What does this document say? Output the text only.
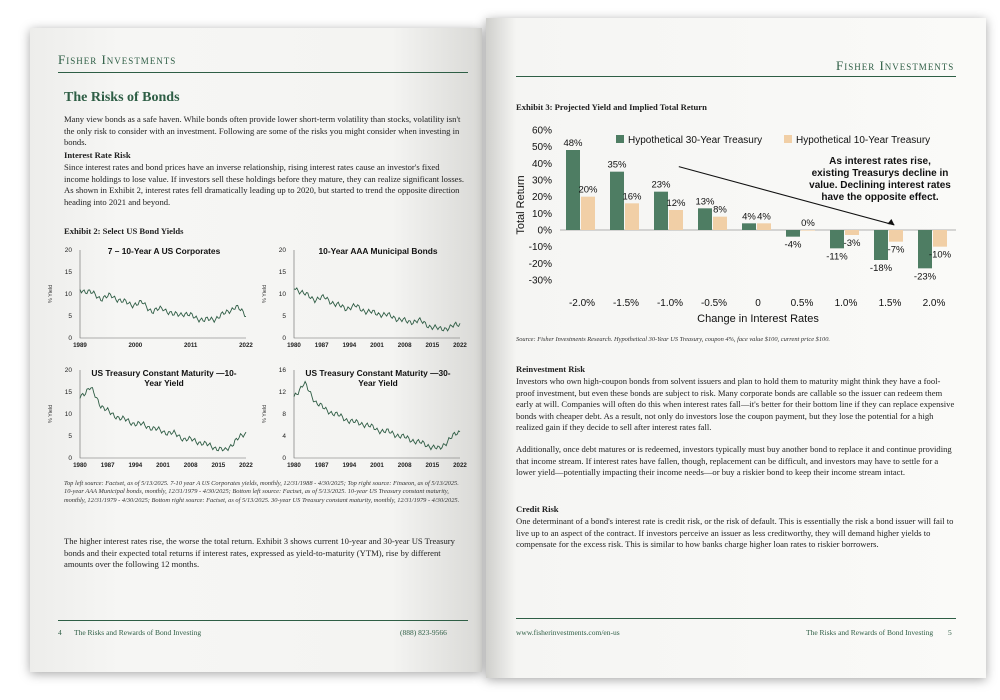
Fisher Investments
The Risks of Bonds
Many view bonds as a safe haven. While bonds often provide lower short-term volatility than stocks, volatility isn't the only risk to consider with an investment. Following are some of the risks you might consider when investing in bonds.
Interest Rate Risk
Since interest rates and bond prices have an inverse relationship, rising interest rates cause an investor's fixed income holdings to lose value. If investors sell these holdings before they mature, they can realize significant losses. As shown in Exhibit 2, interest rates fell dramatically leading up to 2020, but started to trend the opposite direction heading into 2021 and beyond.
Exhibit 2: Select US Bond Yields
% Yield
20
15
10
5
0
1989	2000	2011	2022
7 – 10-Year A US Corporates
% Yield
20
15
10
5
0
1980 1987 1994 2001 2008 2015 2022
10-Year AAA Municipal Bonds
% Yield
20
15
10
5
0
1980 1987 1994 2001 2008 2015 2022
US Treasury Constant Maturity —10-Year Yield
% Yield
16
12
8
4
0
1980 1987 1994 2001 2008 2015 2022
US Treasury Constant Maturity —30-Year Yield
Top left source: Factset, as of 5/13/2025. 7-10 year A US Corporates yields, monthly, 12/31/1988 - 4/30/2025; Top right source: Finaeon, as of 5/13/2025. 10-year AAA Municipal bonds, monthly, 12/31/1979 - 4/30/2025; Bottom left source: Factset, as of 5/13/2025. 10-year US Treasury constant maturity, monthly, 12/31/1979 - 4/30/2025; Bottom right source: Factset, as of 5/13/2025. 30-year US Treasury constant maturity, monthly, 12/31/1979 - 4/30/2025.
The higher interest rates rise, the worse the total return. Exhibit 3 shows current 10-year and 30-year US Treasury bonds and their expected total returns if interest rates, expressed as yield-to-maturity (YTM), rise by different amounts over the following 12 months.
4 The Risks and Rewards of Bond Investing	(888) 823-9566
Fisher Investments
Exhibit 3: Projected Yield and Implied Total Return
60%
50%
40%
30%
20%
10%
0%
-10%
-20%
-30%
Total Return
48%
20%
-2.0%
35%
16%
-1.5%
23%
12%
-1.0%
13%
8%
-0.5%
4% 4%
0
-4%
0%
0.5%
-11%
-3%
1.0%
-18%
-7%
1.5%
-23%
-10%
2.0%
Change in Interest Rates
Hypothetical 30-Year Treasury	Hypothetical 10-Year Treasury
As interest rates rise,
existing Treasurys decline in
value. Declining interest rates
have the opposite effect.
Source: Fisher Investments Research. Hypothetical 30-Year US Treasury, coupon 4%, face value $100, current price $100.
Reinvestment Risk
Investors who own high-coupon bonds from solvent issuers and plan to hold them to maturity might think they have a fool-proof investment, but even these bonds are subject to risk. Many corporate bonds are callable so the issuer can redeem them early at will. Companies will often do this when interest rates fall—it's better for their bottom line if they can replace expensive bonds with cheaper debt. As a result, not only do investors lose the coupon payment, but they lose the potential for a high realized gain if they decide to sell after interest rates fall.
Additionally, once debt matures or is redeemed, investors typically must buy another bond to replace it and continue providing that income stream. If interest rates have fallen, though, replacement can be difficult, and investors may have to settle for a lower yield—potentially impacting their income needs—or buy a riskier bond to keep their income stream intact.
Credit Risk
One determinant of a bond's interest rate is credit risk, or the risk of default. This is essentially the risk a bond issuer will fail to live up to an aspect of the contract. If investors perceive an issuer as less creditworthy, they will demand higher yields to compensate for the excess risk. This is similar to how banks charge higher loan rates to riskier borrowers.
www.fisherinvestments.com/en-us	The Risks and Rewards of Bond Investing 5
